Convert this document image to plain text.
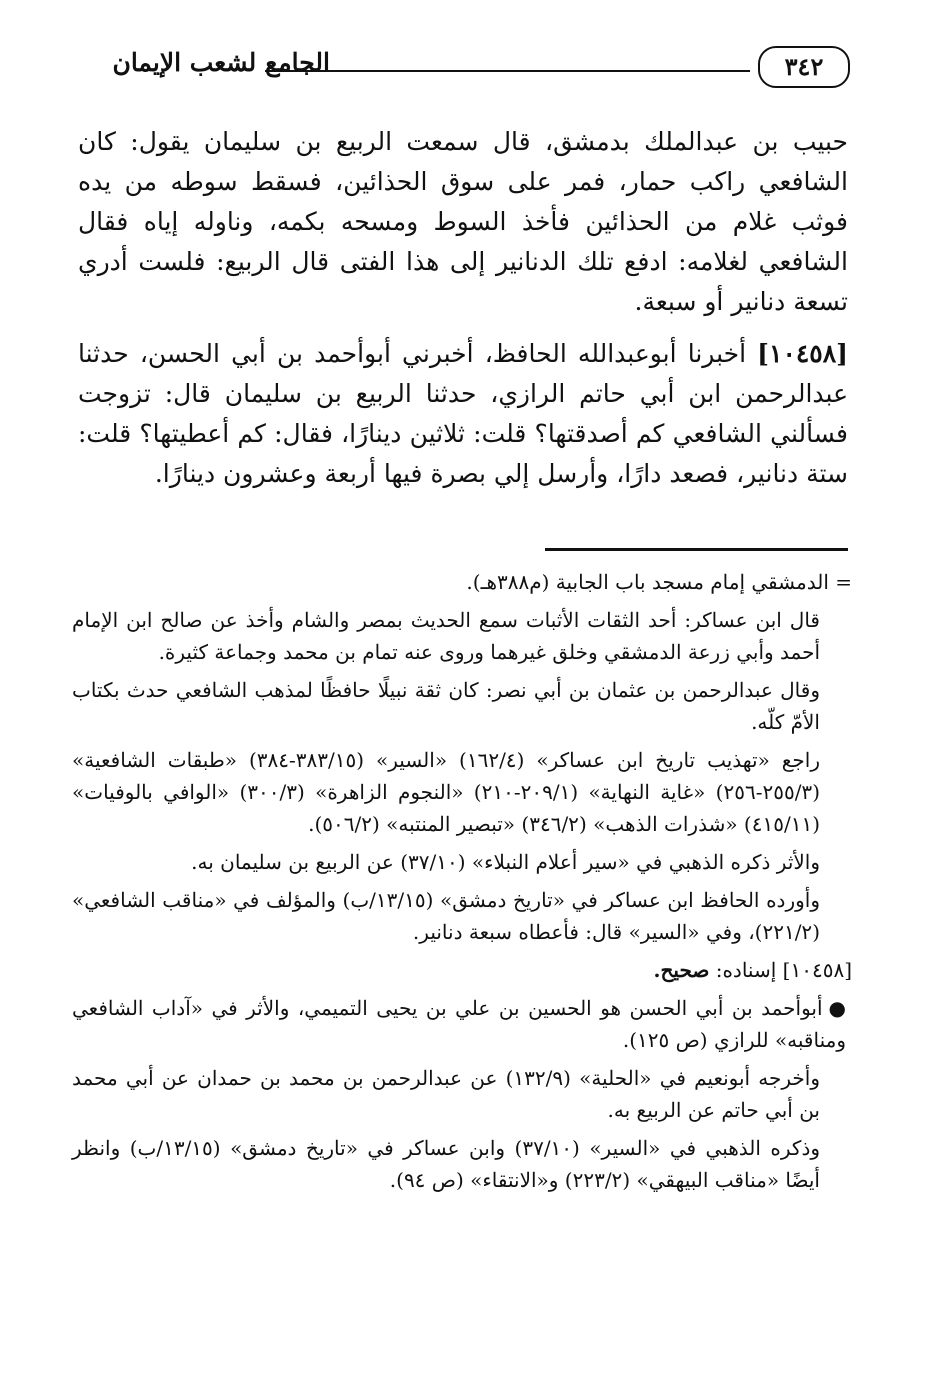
٣٤٢
الجامع لشعب الإيمان

حبيب بن عبدالملك بدمشق، قال سمعت الربيع بن سليمان يقول: كان الشافعي راكب حمار، فمر على سوق الحذائين، فسقط سوطه من يده فوثب غلام من الحذائين فأخذ السوط ومسحه بكمه، وناوله إياه فقال الشافعي لغلامه: ادفع تلك الدنانير إلى هذا الفتى قال الربيع: فلست أدري تسعة دنانير أو سبعة.

[١٠٤٥٨] أخبرنا أبوعبدالله الحافظ، أخبرني أبوأحمد بن أبي الحسن، حدثنا عبدالرحمن ابن أبي حاتم الرازي، حدثنا الربيع بن سليمان قال: تزوجت فسألني الشافعي كم أصدقتها؟ قلت: ثلاثين دينارًا، فقال: كم أعطيتها؟ قلت: ستة دنانير، فصعد دارًا، وأرسل إلي بصرة فيها أربعة وعشرون دينارًا.

= الدمشقي إمام مسجد باب الجابية (م٣٨٨هـ).
قال ابن عساكر: أحد الثقات الأثبات سمع الحديث بمصر والشام وأخذ عن صالح ابن الإمام أحمد وأبي زرعة الدمشقي وخلق غيرهما وروى عنه تمام بن محمد وجماعة كثيرة.
وقال عبدالرحمن بن عثمان بن أبي نصر: كان ثقة نبيلًا حافظًا لمذهب الشافعي حدث بكتاب الأمّ كلّه.
راجع «تهذيب تاريخ ابن عساكر» (١٦٢/٤) «السير» (٣٨٣/١٥-٣٨٤) «طبقات الشافعية» (٢٥٥/٣-٢٥٦) «غاية النهاية» (٢٠٩/١-٢١٠) «النجوم الزاهرة» (٣٠٠/٣) «الوافي بالوفيات» (٤١٥/١١) «شذرات الذهب» (٣٤٦/٢) «تبصير المنتبه» (٥٠٦/٢).
والأثر ذكره الذهبي في «سير أعلام النبلاء» (٣٧/١٠) عن الربيع بن سليمان به.
وأورده الحافظ ابن عساكر في «تاريخ دمشق» (١٣/١٥/ب) والمؤلف في «مناقب الشافعي» (٢٢١/٢)، وفي «السير» قال: فأعطاه سبعة دنانير.
[١٠٤٥٨] إسناده: صحيح.
●أبوأحمد بن أبي الحسن هو الحسين بن علي بن يحيى التميمي، والأثر في «آداب الشافعي ومناقبه» للرازي (ص ١٢٥).
وأخرجه أبونعيم في «الحلية» (١٣٢/٩) عن عبدالرحمن بن محمد بن حمدان عن أبي محمد بن أبي حاتم عن الربيع به.
وذكره الذهبي في «السير» (٣٧/١٠) وابن عساكر في «تاريخ دمشق» (١٣/١٥/ب) وانظر أيضًا «مناقب البيهقي» (٢٢٣/٢) و«الانتقاء» (ص ٩٤).
